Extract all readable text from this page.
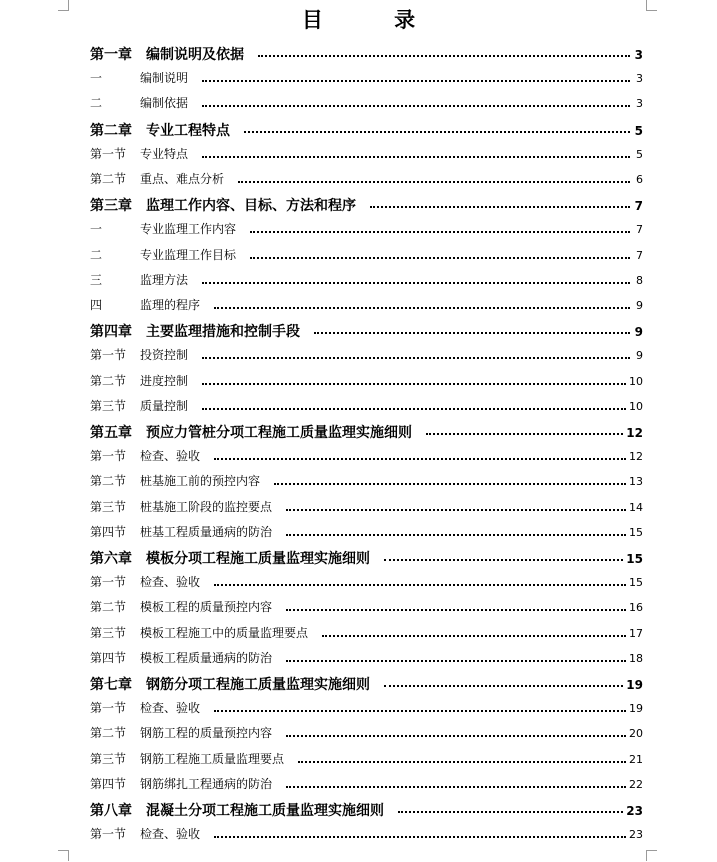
目 录
第一章	编制说明及依据	3
一	编制说明	3
二	编制依据	3
第二章	专业工程特点	5
第一节	专业特点	5
第二节	重点、难点分析	6
第三章	监理工作内容、目标、方法和程序	7
一	专业监理工作内容	7
二	专业监理工作目标	7
三	监理方法	8
四	监理的程序	9
第四章	主要监理措施和控制手段	9
第一节	投资控制	9
第二节	进度控制	10
第三节	质量控制	10
第五章	预应力管桩分项工程施工质量监理实施细则	12
第一节	检查、验收	12
第二节	桩基施工前的预控内容	13
第三节	桩基施工阶段的监控要点	14
第四节	桩基工程质量通病的防治	15
第六章	模板分项工程施工质量监理实施细则	15
第一节	检查、验收	15
第二节	模板工程的质量预控内容	16
第三节	模板工程施工中的质量监理要点	17
第四节	模板工程质量通病的防治	18
第七章	钢筋分项工程施工质量监理实施细则	19
第一节	检查、验收	19
第二节	钢筋工程的质量预控内容	20
第三节	钢筋工程施工质量监理要点	21
第四节	钢筋绑扎工程通病的防治	22
第八章	混凝土分项工程施工质量监理实施细则	23
第一节	检查、验收	23
